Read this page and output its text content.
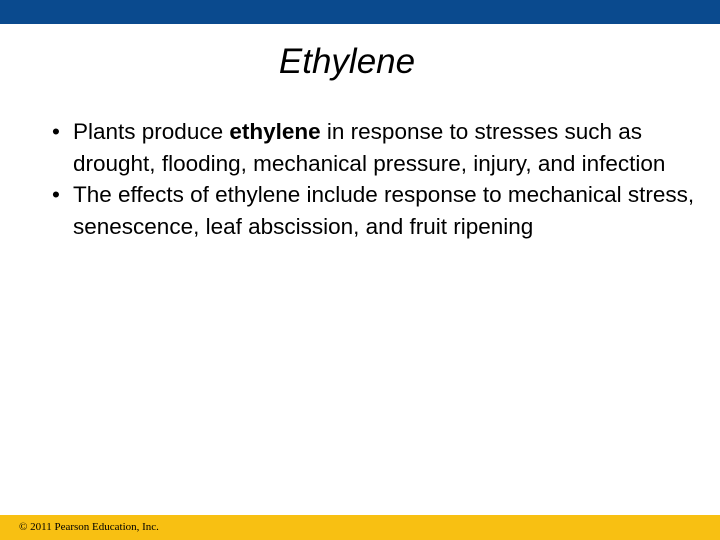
Ethylene
• Plants produce ethylene in response to stresses such as drought, flooding, mechanical pressure, injury, and infection
• The effects of ethylene include response to mechanical stress, senescence, leaf abscission, and fruit ripening
© 2011 Pearson Education, Inc.
